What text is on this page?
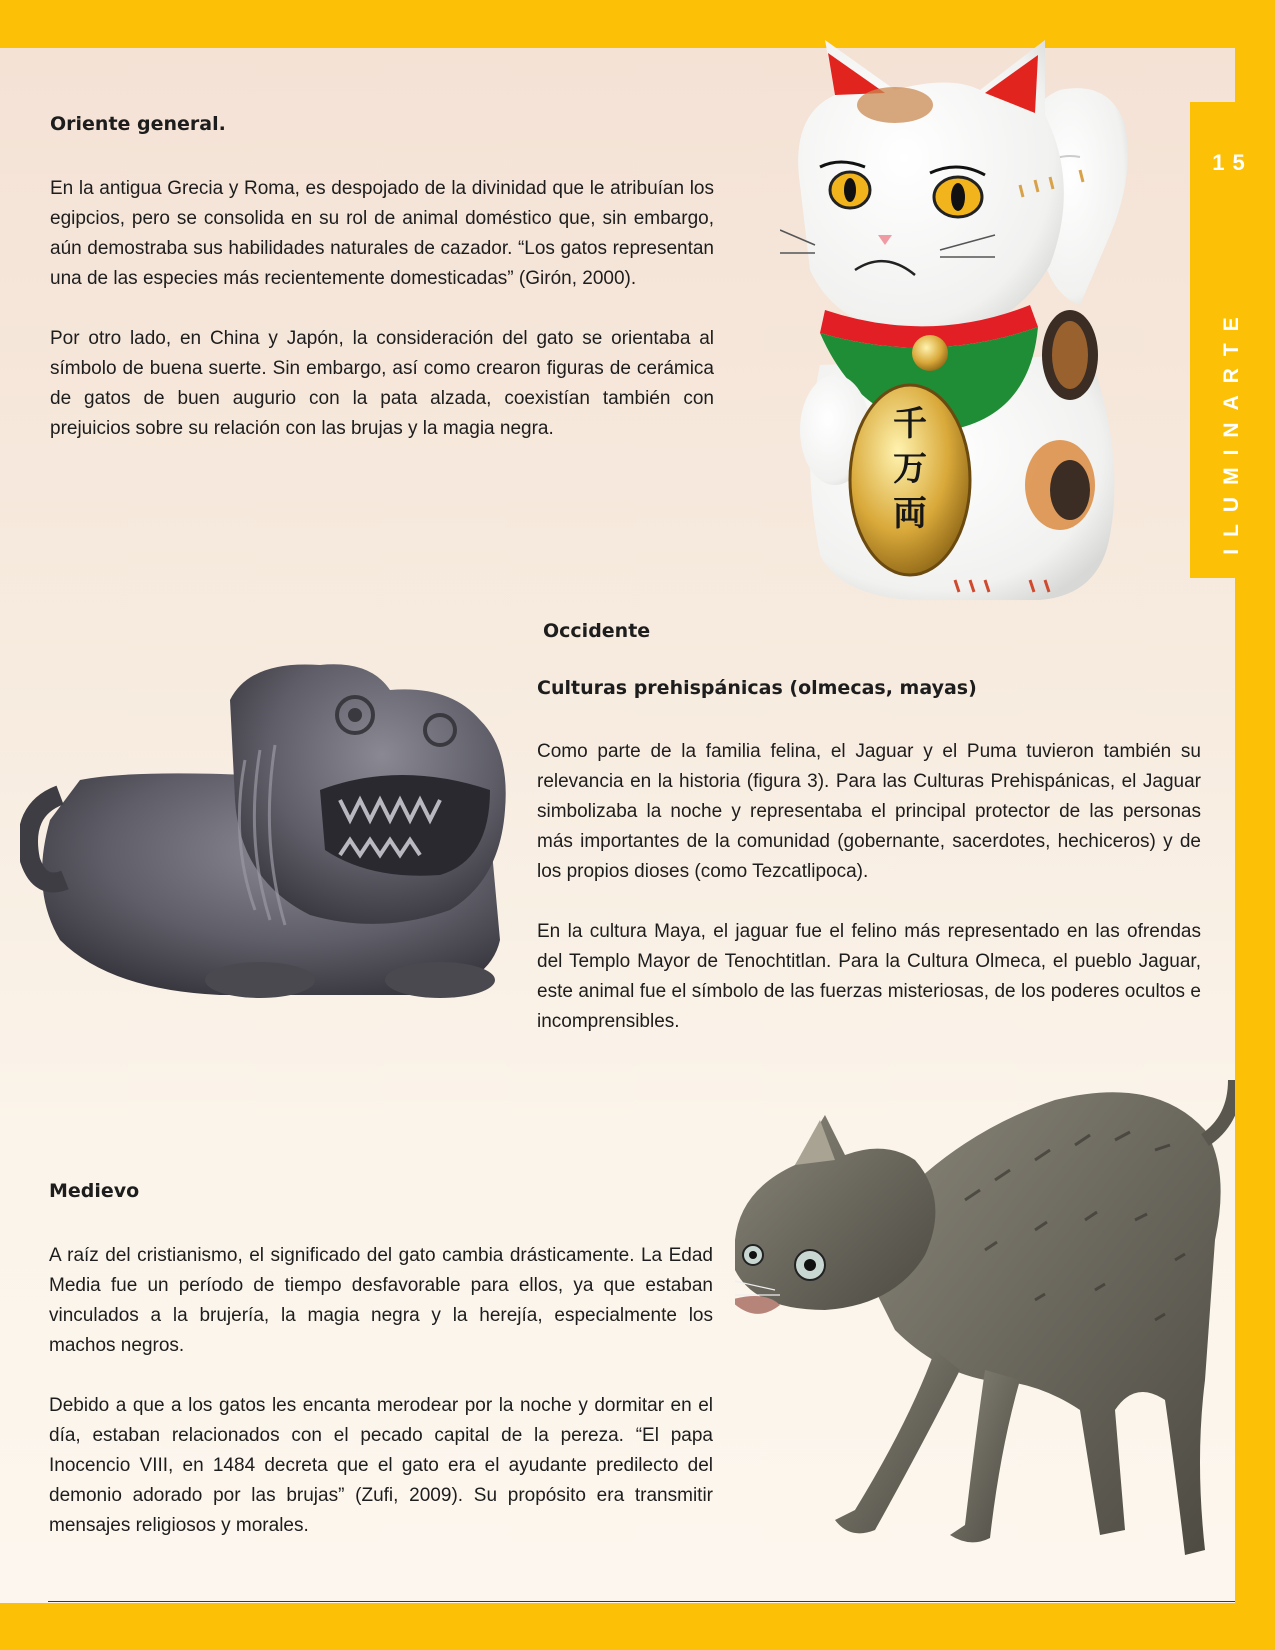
15
ILUMINARTE

Oriente general.

En la antigua Grecia y Roma, es despojado de la divinidad que le atribuían los egipcios, pero se consolida en su rol de animal doméstico que, sin embargo, aún demostraba sus habilidades naturales de cazador. “Los gatos representan una de las especies más recientemente domesticadas” (Girón, 2000).

Por otro lado, en China y Japón, la consideración del gato se orientaba al símbolo de buena suerte. Sin embargo, así como crearon figuras de cerámica de gatos de buen augurio con la pata alzada, coexistían también con prejuicios sobre su relación con las brujas y la magia negra.

Occidente

Culturas prehispánicas (olmecas, mayas)

Como parte de la familia felina, el Jaguar y el Puma tuvieron también su relevancia en la historia (figura 3). Para las Culturas Prehispánicas, el Jaguar simbolizaba la noche y representaba el principal protector de las personas más importantes de la comunidad (gobernante, sacerdotes, hechiceros) y de los propios dioses (como Tezcatlipoca).

En la cultura Maya, el jaguar fue el felino más representado en las ofrendas del Templo Mayor de Tenochtitlan. Para la Cultura Olmeca, el pueblo Jaguar, este animal fue el símbolo de las fuerzas misteriosas, de los poderes ocultos e incomprensibles.

Medievo

A raíz del cristianismo, el significado del gato cambia drásticamente. La Edad Media fue un período de tiempo desfavorable para ellos, ya que estaban vinculados a la brujería, la magia negra y la herejía, especialmente los machos negros.

Debido a que a los gatos les encanta merodear por la noche y dormitar en el día, estaban relacionados con el pecado capital de la pereza. “El papa Inocencio VIII, en 1484 decreta que el gato era el ayudante predilecto del demonio adorado por las brujas” (Zufi, 2009). Su propósito era transmitir mensajes religiosos y morales.

千
万
両
